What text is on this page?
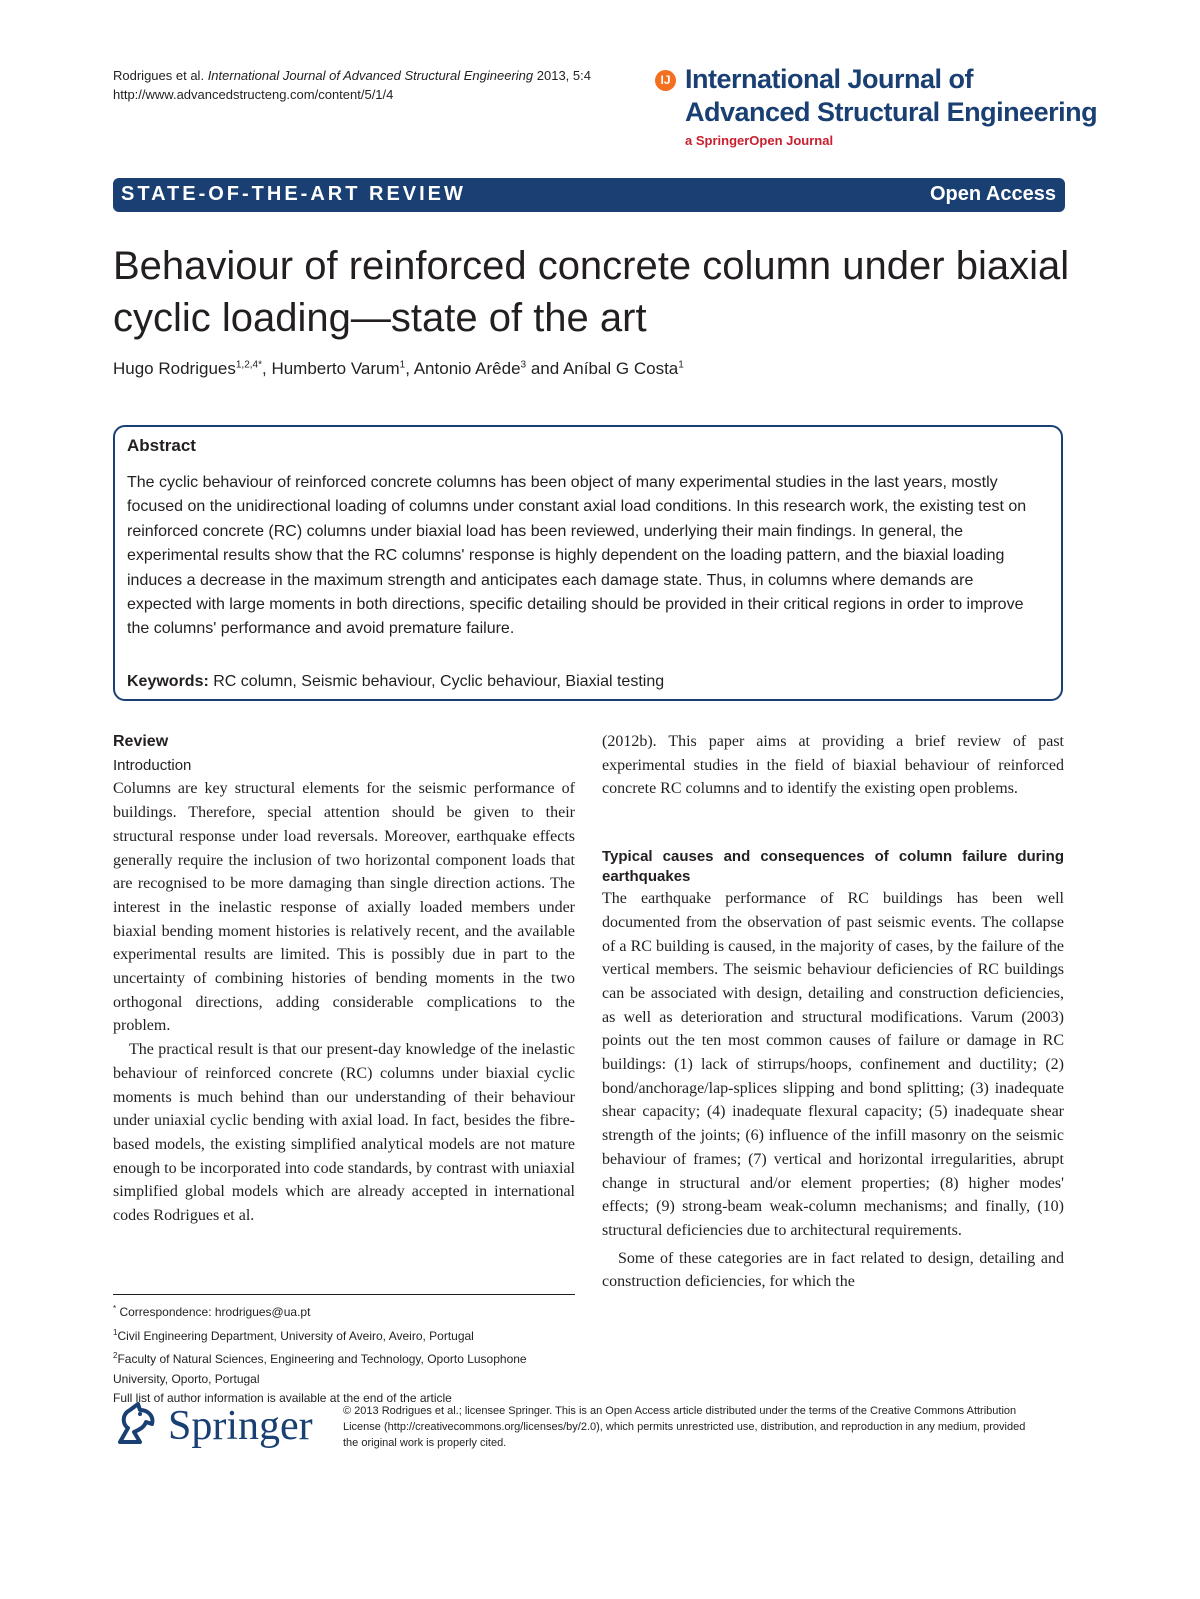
Rodrigues et al. International Journal of Advanced Structural Engineering 2013, 5:4
http://www.advancedstructeng.com/content/5/1/4
IJ International Journal of
Advanced Structural Engineering
a SpringerOpen Journal
STATE-OF-THE-ART REVIEW	Open Access
Behaviour of reinforced concrete column under biaxial cyclic loading—state of the art
Hugo Rodrigues$^{1,2,4*}$, Humberto Varum$^1$, Antonio Arêde$^3$ and Aníbal G Costa$^1$
Abstract
The cyclic behaviour of reinforced concrete columns has been object of many experimental studies in the last years, mostly focused on the unidirectional loading of columns under constant axial load conditions. In this research work, the existing test on reinforced concrete (RC) columns under biaxial load has been reviewed, underlying their main findings. In general, the experimental results show that the RC columns' response is highly dependent on the loading pattern, and the biaxial loading induces a decrease in the maximum strength and anticipates each damage state. Thus, in columns where demands are expected with large moments in both directions, specific detailing should be provided in their critical regions in order to improve the columns' performance and avoid premature failure.
Keywords: RC column, Seismic behaviour, Cyclic behaviour, Biaxial testing
Review
Introduction

Columns are key structural elements for the seismic performance of buildings. Therefore, special attention should be given to their structural response under load reversals. Moreover, earthquake effects generally require the inclusion of two horizontal component loads that are recognised to be more damaging than single direction actions. The interest in the inelastic response of axially loaded members under biaxial bending moment histories is relatively recent, and the available experimental results are limited. This is possibly due in part to the uncertainty of combining histories of bending moments in the two orthogonal directions, adding considerable complications to the problem.

The practical result is that our present-day knowledge of the inelastic behaviour of reinforced concrete (RC) columns under biaxial cyclic moments is much behind than our understanding of their behaviour under uniaxial cyclic bending with axial load. In fact, besides the fibre-based models, the existing simplified analytical models are not mature enough to be incorporated into code standards, by contrast with uniaxial simplified global models which are already accepted in international codes Rodrigues et al.

* Correspondence: hrodrigues@ua.pt
$^1$Civil Engineering Department, University of Aveiro, Aveiro, Portugal
$^2$Faculty of Natural Sciences, Engineering and Technology, Oporto Lusophone University, Oporto, Portugal
Full list of author information is available at the end of the article

(2012b). This paper aims at providing a brief review of past experimental studies in the field of biaxial behaviour of reinforced concrete RC columns and to identify the existing open problems.

Typical causes and consequences of column failure during earthquakes

The earthquake performance of RC buildings has been well documented from the observation of past seismic events. The collapse of a RC building is caused, in the majority of cases, by the failure of the vertical members. The seismic behaviour deficiencies of RC buildings can be associated with design, detailing and construction deficiencies, as well as deterioration and structural modifications. Varum (2003) points out the ten most common causes of failure or damage in RC buildings: (1) lack of stirrups/hoops, confinement and ductility; (2) bond/anchorage/lap-splices slipping and bond splitting; (3) inadequate shear capacity; (4) inadequate flexural capacity; (5) inadequate shear strength of the joints; (6) influence of the infill masonry on the seismic behaviour of frames; (7) vertical and horizontal irregularities, abrupt change in structural and/or element properties; (8) higher modes' effects; (9) strong-beam weak-column mechanisms; and finally, (10) structural deficiencies due to architectural requirements.

Some of these categories are in fact related to design, detailing and construction deficiencies, for which the

Springer	© 2013 Rodrigues et al.; licensee Springer. This is an Open Access article distributed under the terms of the Creative Commons Attribution License (http://creativecommons.org/licenses/by/2.0), which permits unrestricted use, distribution, and reproduction in any medium, provided the original work is properly cited.
